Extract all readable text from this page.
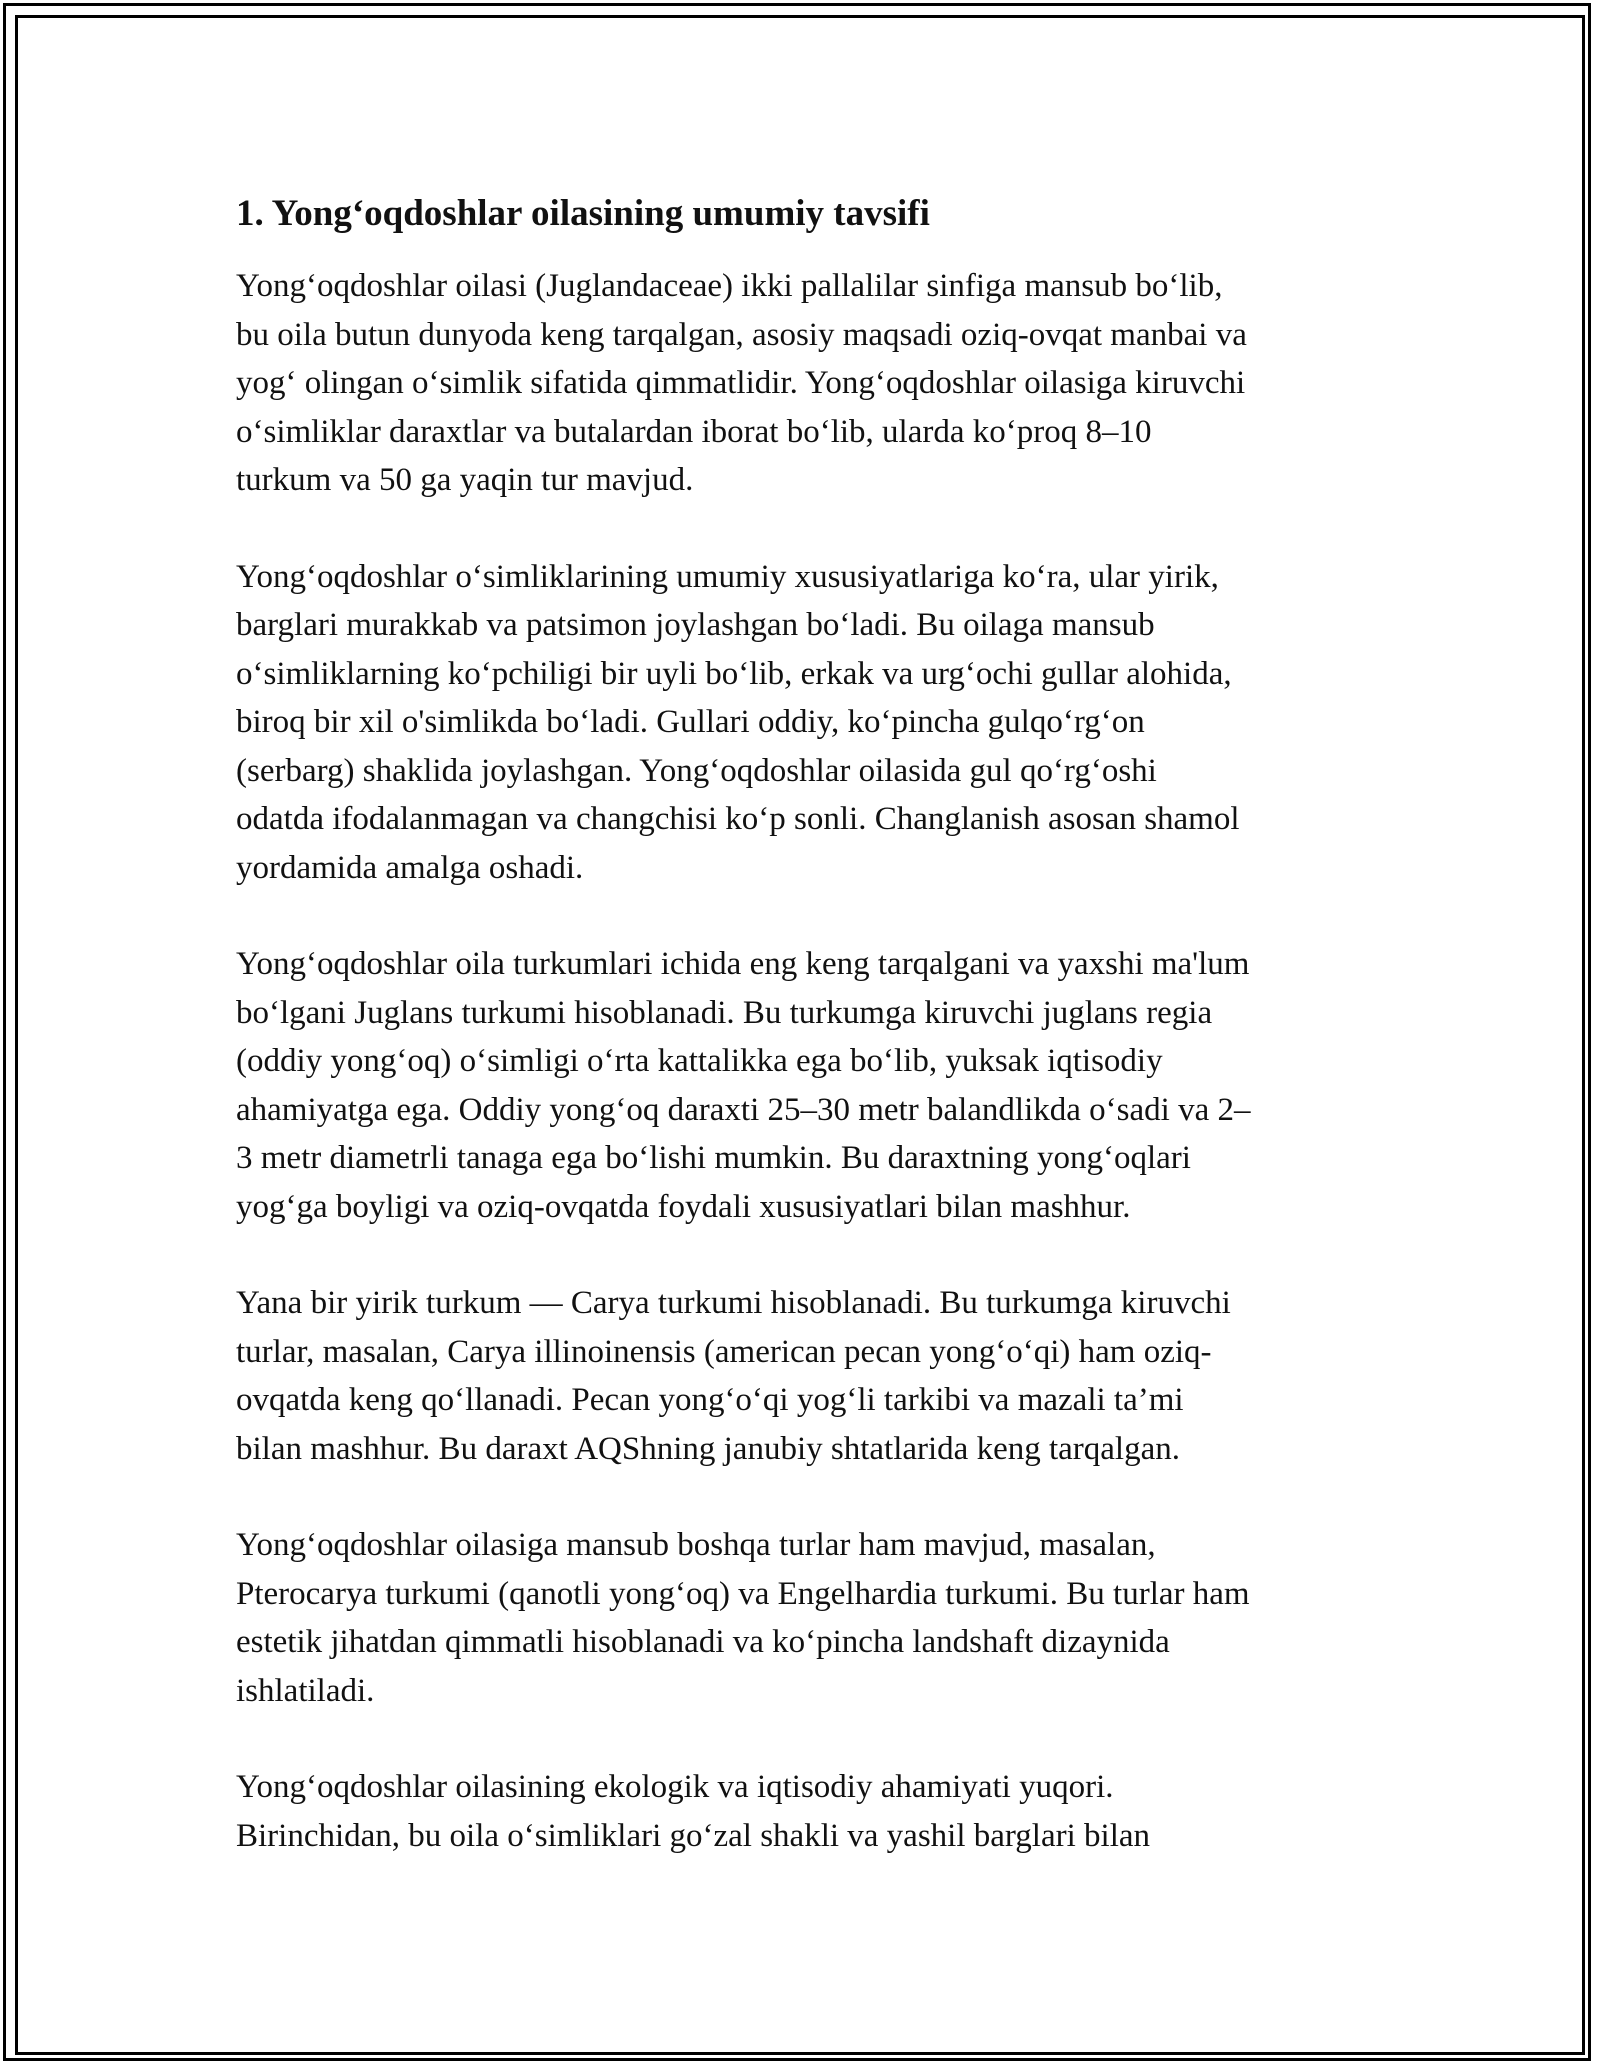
1. Yong‘oqdoshlar oilasining umumiy tavsifi

Yong‘oqdoshlar oilasi (Juglandaceae) ikki pallalilar sinfiga mansub bo‘lib,
bu oila butun dunyoda keng tarqalgan, asosiy maqsadi oziq-ovqat manbai va
yog‘ olingan o‘simlik sifatida qimmatlidir. Yong‘oqdoshlar oilasiga kiruvchi
o‘simliklar daraxtlar va butalardan iborat bo‘lib, ularda ko‘proq 8–10
turkum va 50 ga yaqin tur mavjud.

Yong‘oqdoshlar o‘simliklarining umumiy xususiyatlariga ko‘ra, ular yirik,
barglari murakkab va patsimon joylashgan bo‘ladi. Bu oilaga mansub
o‘simliklarning ko‘pchiligi bir uyli bo‘lib, erkak va urg‘ochi gullar alohida,
biroq bir xil o'simlikda bo‘ladi. Gullari oddiy, ko‘pincha gulqo‘rg‘on
(serbarg) shaklida joylashgan. Yong‘oqdoshlar oilasida gul qo‘rg‘oshi
odatda ifodalanmagan va changchisi ko‘p sonli. Changlanish asosan shamol
yordamida amalga oshadi.

Yong‘oqdoshlar oila turkumlari ichida eng keng tarqalgani va yaxshi ma'lum
bo‘lgani Juglans turkumi hisoblanadi. Bu turkumga kiruvchi juglans regia
(oddiy yong‘oq) o‘simligi o‘rta kattalikka ega bo‘lib, yuksak iqtisodiy
ahamiyatga ega. Oddiy yong‘oq daraxti 25–30 metr balandlikda o‘sadi va 2–
3 metr diametrli tanaga ega bo‘lishi mumkin. Bu daraxtning yong‘oqlari
yog‘ga boyligi va oziq-ovqatda foydali xususiyatlari bilan mashhur.

Yana bir yirik turkum — Carya turkumi hisoblanadi. Bu turkumga kiruvchi
turlar, masalan, Carya illinoinensis (american pecan yong‘o‘qi) ham oziq-
ovqatda keng qo‘llanadi. Pecan yong‘o‘qi yog‘li tarkibi va mazali ta’mi
bilan mashhur. Bu daraxt AQShning janubiy shtatlarida keng tarqalgan.

Yong‘oqdoshlar oilasiga mansub boshqa turlar ham mavjud, masalan,
Pterocarya turkumi (qanotli yong‘oq) va Engelhardia turkumi. Bu turlar ham
estetik jihatdan qimmatli hisoblanadi va ko‘pincha landshaft dizaynida
ishlatiladi.

Yong‘oqdoshlar oilasining ekologik va iqtisodiy ahamiyati yuqori.
Birinchidan, bu oila o‘simliklari go‘zal shakli va yashil barglari bilan
